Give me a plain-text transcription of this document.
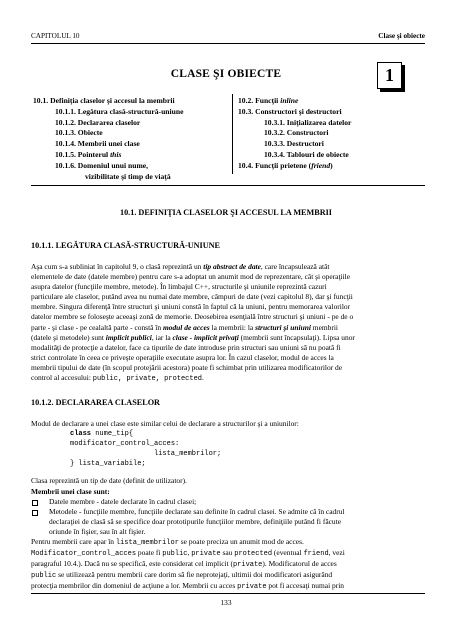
CAPITOLUL 10	Clase şi obiecte
CLASE ŞI OBIECTE	1
10.1. Definiţia claselor şi accesul la membrii
10.1.1. Legătura clasă-structură-uniune
10.1.2. Declararea claselor
10.1.3. Obiecte
10.1.4. Membrii unei clase
10.1.5. Pointerul this
10.1.6. Domeniul unui nume,
vizibilitate şi timp de viaţă
10.2. Funcţii inline
10.3. Constructori şi destructori
10.3.1. Iniţializarea datelor
10.3.2. Constructori
10.3.3. Destructori
10.3.4. Tablouri de obiecte
10.4. Funcţii prietene (friend)
10.1. DEFINIŢIA CLASELOR ŞI ACCESUL LA MEMBRII
10.1.1. LEGĂTURA CLASĂ-STRUCTURĂ-UNIUNE
Aşa cum s-a subliniat în capitolul 9, o clasă reprezintă un tip abstract de date, care încapsulează atât
elementele de date (datele membre) pentru care s-a adoptat un anumit mod de reprezentare, cât şi operaţiile
asupra datelor (funcţiile membre, metode). În limbajul C++, structurile şi uniunile reprezintă cazuri
particulare ale claselor, putând avea nu numai date membre, câmpuri de date (vezi capitolul 8), dar şi funcţii
membre. Singura diferenţă între structuri şi uniuni constă în faptul că la uniuni, pentru memorarea valorilor
datelor membre se foloseşte aceeaşi zonă de memorie. Deosebirea esenţială între structuri şi uniuni - pe de o
parte - şi clase - pe cealaltă parte - constă în modul de acces la membrii: la structuri şi uniuni membrii
(datele şi metodele) sunt implicit publici, iar la clase - implicit privaţi (membrii sunt încapsulaţi). Lipsa unor
modalităţi de protecţie a datelor, face ca tipurile de date introduse prin structuri sau uniuni să nu poată fi
strict controlate în ceea ce priveşte operaţiile executate asupra lor. În cazul claselor, modul de acces la
membrii tipului de date (în scopul protejării acestora) poate fi schimbat prin utilizarea modificatorilor de
control al accesului: public, private, protected.
10.1.2. DECLARAREA CLASELOR
Modul de declarare a unei clase este similar celui de declarare a structurilor şi a uniunilor:
class nume_tip{
modificator_control_acces:
lista_membrilor;
} lista_variabile;
Clasa reprezintă un tip de date (definit de utilizator).
Membrii unei clase sunt:
Datele membre - datele declarate în cadrul clasei;
Metodele - funcţiile membre, funcţiile declarate sau definite în cadrul clasei. Se admite că în cadrul
declaraţiei de clasă să se specifice doar prototipurile funcţiilor membre, definiţiile putând fi făcute
oriunde în fişier, sau în alt fişier.
Pentru membrii care apar în lista_membrilor se poate preciza un anumit mod de acces.
Modificator_control_acces poate fi public, private sau protected (eventual friend, vezi
paragraful 10.4.). Dacă nu se specifică, este considerat cel implicit (private). Modificatorul de acces
public se utilizează pentru membrii care dorim să fie neprotejaţi, ultimii doi modificatori asigurând
protecţia membrilor din domeniul de acţiune a lor. Membrii cu acces private pot fi accesaţi numai prin
133
